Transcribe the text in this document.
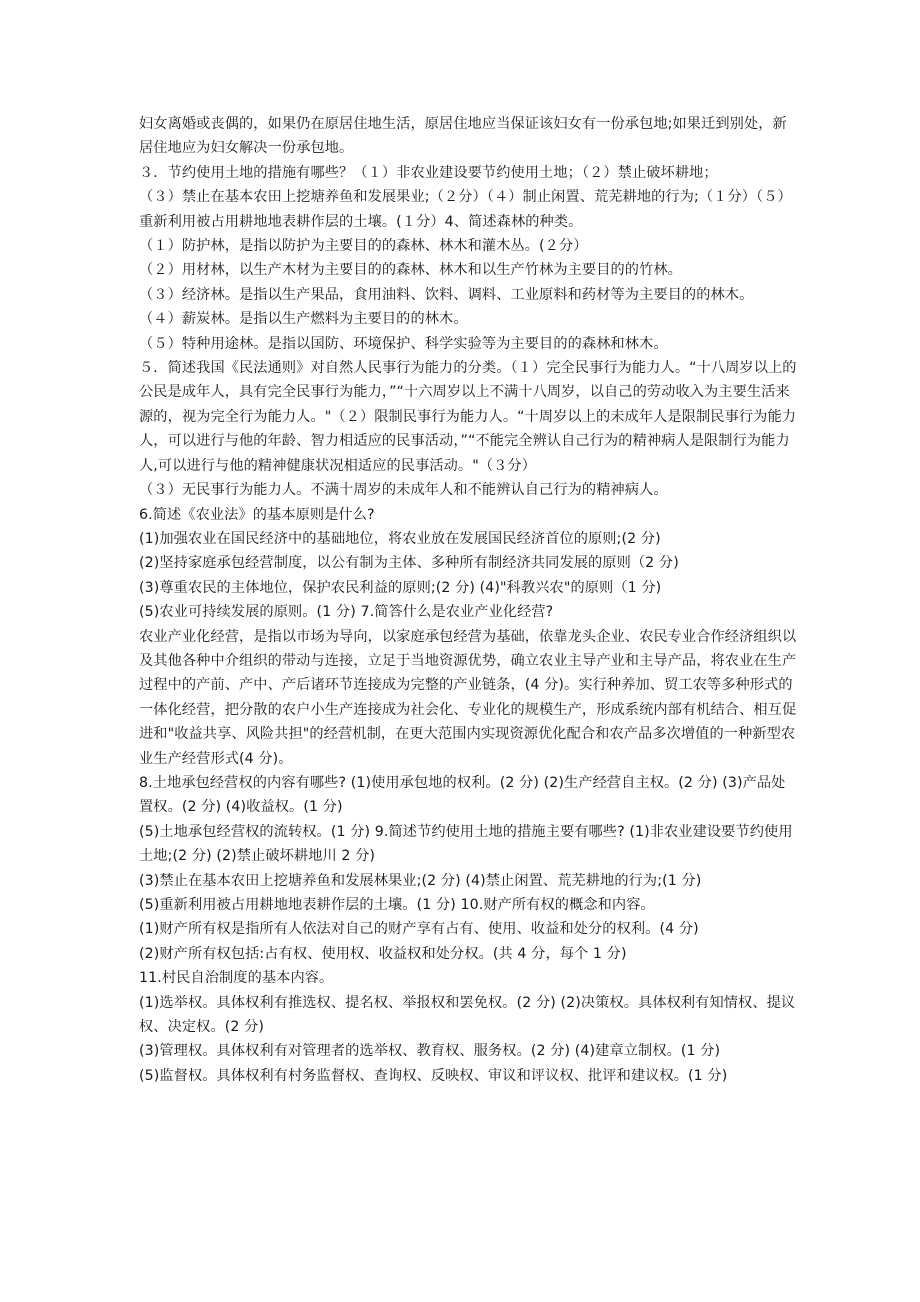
妇女离婚或丧偶的，如果仍在原居住地生活，原居住地应当保证该妇女有一份承包地;如果迁到别处，新居住地应为妇女解决一份承包地。

３．节约使用土地的措施有哪些？（１）非农业建设要节约使用土地；（２）禁止破坏耕地；

（３）禁止在基本农田上挖塘养鱼和发展果业;（２分）（４）制止闲置、荒芜耕地的行为;（１分）（５）重新利用被占用耕地地表耕作层的土壤。(１分）4、简述森林的种类。

（１）防护林，是指以防护为主要目的的森林、林木和灌木丛。(２分）

（２）用材林，以生产木材为主要目的的森林、林木和以生产竹林为主要目的的竹林。

（３）经济林。是指以生产果品，食用油料、饮料、调料、工业原料和药材等为主要目的的林木。

（４）薪炭林。是指以生产燃料为主要目的的林木。

（５）特种用途林。是指以国防、环境保护、科学实验等为主要目的的森林和林木。

５．简述我国《民法通则》对自然人民事行为能力的分类。（１）完全民事行为能力人。“十八周岁以上的公民是成年人，具有完全民事行为能力，”“十六周岁以上不满十八周岁，以自己的劳动收入为主要生活来源的，视为完全行为能力人。"（２）限制民事行为能力人。“十周岁以上的未成年人是限制民事行为能力人，可以进行与他的年龄、智力相适应的民事活动，”“不能完全辨认自己行为的精神病人是限制行为能力人,可以进行与他的精神健康状况相适应的民事活动。"（３分）

（３）无民事行为能力人。不满十周岁的未成年人和不能辨认自己行为的精神病人。

6.简述《农业法》的基本原则是什么?

(1)加强农业在国民经济中的基础地位，将农业放在发展国民经济首位的原则;(2 分)

(2)坚持家庭承包经营制度，以公有制为主体、多种所有制经济共同发展的原则（2 分)

(3)尊重农民的主体地位，保护农民利益的原则;(2 分) (4)"科教兴农"的原则（1 分)

(5)农业可持续发展的原则。(1 分) 7.简答什么是农业产业化经营?

农业产业化经营，是指以市场为导向，以家庭承包经营为基础，依靠龙头企业、农民专业合作经济组织以及其他各种中介组织的带动与连接，立足于当地资源优势，确立农业主导产业和主导产品，将农业在生产过程中的产前、产中、产后诸环节连接成为完整的产业链条，(4 分)。实行种养加、贸工农等多种形式的一体化经营，把分散的农户小生产连接成为社会化、专业化的规模生产，形成系统内部有机结合、相互促进和"收益共享、风险共担"的经营机制，在更大范围内实现资源优化配合和农产品多次增值的一种新型农业生产经营形式(4 分)。

8.土地承包经营权的内容有哪些? (1)使用承包地的权利。(2 分) (2)生产经营自主权。(2 分) (3)产品处置权。(2 分) (4)收益权。(1 分)

(5)土地承包经营权的流转权。(1 分) 9.简述节约使用土地的措施主要有哪些? (1)非农业建设要节约使用土地;(2 分) (2)禁止破坏耕地川 2 分)

(3)禁止在基本农田上挖塘养鱼和发展林果业;(2 分) (4)禁止闲置、荒芜耕地的行为;(1 分)

(5)重新利用被占用耕地地表耕作层的土壤。(1 分) 10.财产所有权的概念和内容。

(1)财产所有权是指所有人依法对自己的财产享有占有、使用、收益和处分的权利。(4 分)

(2)财产所有权包括:占有权、使用权、收益权和处分权。(共 4 分，每个 1 分)

11.村民自治制度的基本内容。

(1)选举权。具体权利有推选权、提名权、举报权和罢免权。(2 分) (2)决策权。具体权利有知情权、提议权、决定权。(2 分)

(3)管理权。具体权利有对管理者的选举权、教育权、服务权。(2 分) (4)建章立制权。(1 分)

(5)监督权。具体权利有村务监督权、查询权、反映权、审议和评议权、批评和建议权。(1 分)
